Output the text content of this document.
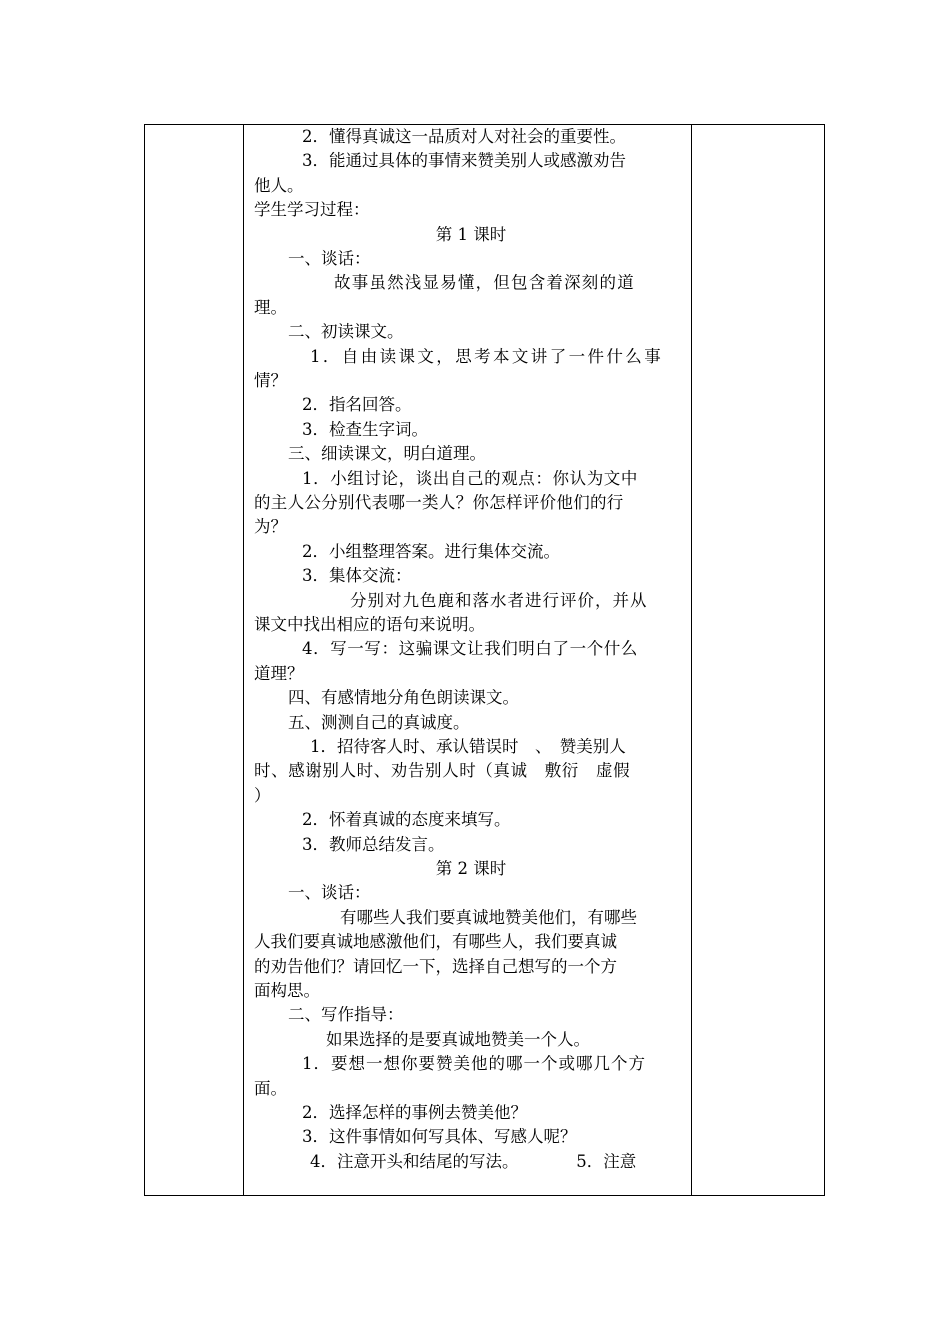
2．懂得真诚这一品质对人对社会的重要性。
3．能通过具体的事情来赞美别人或感激劝告
他人。
学生学习过程：
第 1 课时
一、谈话：
故事虽然浅显易懂，但包含着深刻的道
理。
二、初读课文。
1．自由读课文，思考本文讲了一件什么事
情？
2．指名回答。
3．检查生字词。
三、细读课文，明白道理。
1．小组讨论，谈出自己的观点：你认为文中
的主人公分别代表哪一类人？你怎样评价他们的行
为？
2．小组整理答案。进行集体交流。
3．集体交流：
分别对九色鹿和落水者进行评价，并从
课文中找出相应的语句来说明。
4．写一写：这骗课文让我们明白了一个什么
道理？
四、有感情地分角色朗读课文。
五、测测自己的真诚度。
1．招待客人时、承认错误时　、　赞美别人
时、感谢别人时、劝告别人时（真诚　敷衍　虚假
）
2．怀着真诚的态度来填写。
3．教师总结发言。
第 2 课时
一、谈话：
有哪些人我们要真诚地赞美他们，有哪些
人我们要真诚地感激他们，有哪些人，我们要真诚
的劝告他们？请回忆一下，选择自己想写的一个方
面构思。
二、写作指导：
如果选择的是要真诚地赞美一个人。
1．要想一想你要赞美他的哪一个或哪几个方
面。
2．选择怎样的事例去赞美他？
3．这件事情如何写具体、写感人呢？
4．注意开头和结尾的写法。　　　　5．注意
